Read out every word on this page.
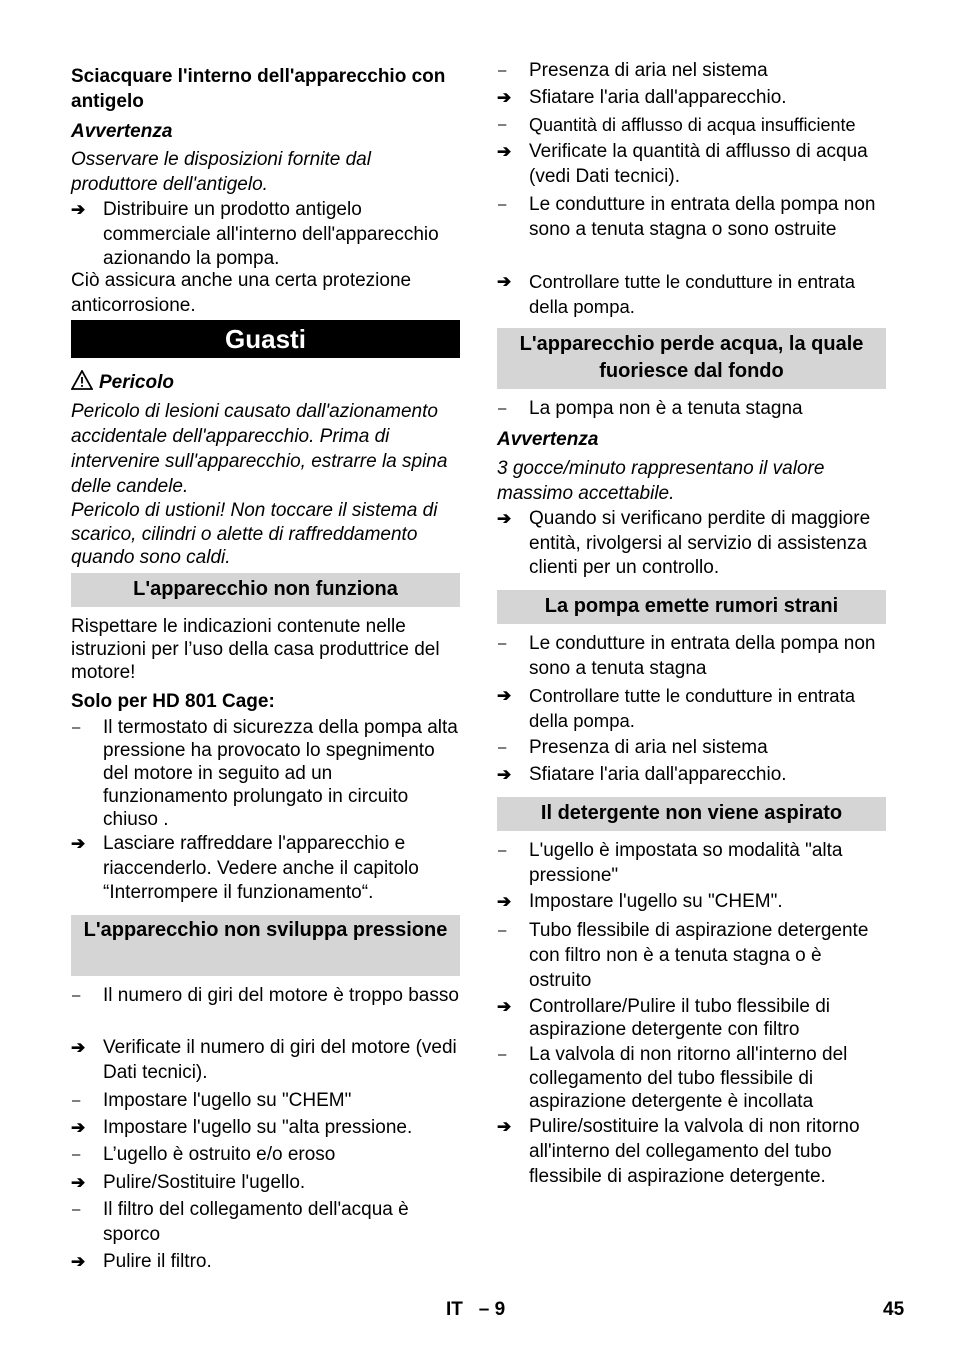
Sciacquare l'interno dell'apparecchio con antigelo
Avvertenza
Osservare le disposizioni fornite dal produttore dell'antigelo.
➔ Distribuire un prodotto antigelo commerciale all'interno dell'apparecchio azionando la pompa.
Ciò assicura anche una certa protezione anticorrosione.
Guasti
Pericolo
Pericolo di lesioni causato dall'azionamento accidentale dell'apparecchio. Prima di intervenire sull'apparecchio, estrarre la spina delle candele.
Pericolo di ustioni! Non toccare il sistema di scarico, cilindri o alette di raffreddamento quando sono caldi.
L'apparecchio non funziona
Rispettare le indicazioni contenute nelle istruzioni per l’uso della casa produttrice del motore!
Solo per HD 801 Cage:
–	Il termostato di sicurezza della pompa alta pressione ha provocato lo spegnimento del motore in seguito ad un funzionamento prolungato in circuito chiuso .
➔ Lasciare raffreddare l'apparecchio e riaccenderlo. Vedere anche il capitolo “Interrompere il funzionamento“.
L'apparecchio non sviluppa pressione
–	Il numero di giri del motore è troppo basso
➔ Verificate il numero di giri del motore (vedi Dati tecnici).
–	Impostare l'ugello su "CHEM"
➔ Impostare l'ugello su "alta pressione.
–	L’ugello è ostruito e/o eroso
➔ Pulire/Sostituire l'ugello.
–	Il filtro del collegamento dell'acqua è sporco
➔ Pulire il filtro.
–	Presenza di aria nel sistema
➔ Sfiatare l'aria dall'apparecchio.
–	Quantità di afflusso di acqua insufficiente
➔ Verificate la quantità di afflusso di acqua (vedi Dati tecnici).
–	Le condutture in entrata della pompa non sono a tenuta stagna o sono ostruite
➔ Controllare tutte le condutture in entrata della pompa.
L'apparecchio perde acqua, la quale fuoriesce dal fondo
–	La pompa non è a tenuta stagna
Avvertenza
3 gocce/minuto rappresentano il valore massimo accettabile.
➔ Quando si verificano perdite di maggiore entità, rivolgersi al servizio di assistenza clienti per un controllo.
La pompa emette rumori strani
–	Le condutture in entrata della pompa non sono a tenuta stagna
➔ Controllare tutte le condutture in entrata della pompa.
–	Presenza di aria nel sistema
➔ Sfiatare l'aria dall'apparecchio.
Il detergente non viene aspirato
–	L'ugello è impostata so modalità "alta pressione"
➔ Impostare l'ugello su "CHEM".
–	Tubo flessibile di aspirazione detergente con filtro non è a tenuta stagna o è ostruito
➔ Controllare/Pulire il tubo flessibile di aspirazione detergente con filtro
–	La valvola di non ritorno all'interno del collegamento del tubo flessibile di aspirazione detergente è incollata
➔ Pulire/sostituire la valvola di non ritorno all'interno del collegamento del tubo flessibile di aspirazione detergente.
IT   – 9	45
